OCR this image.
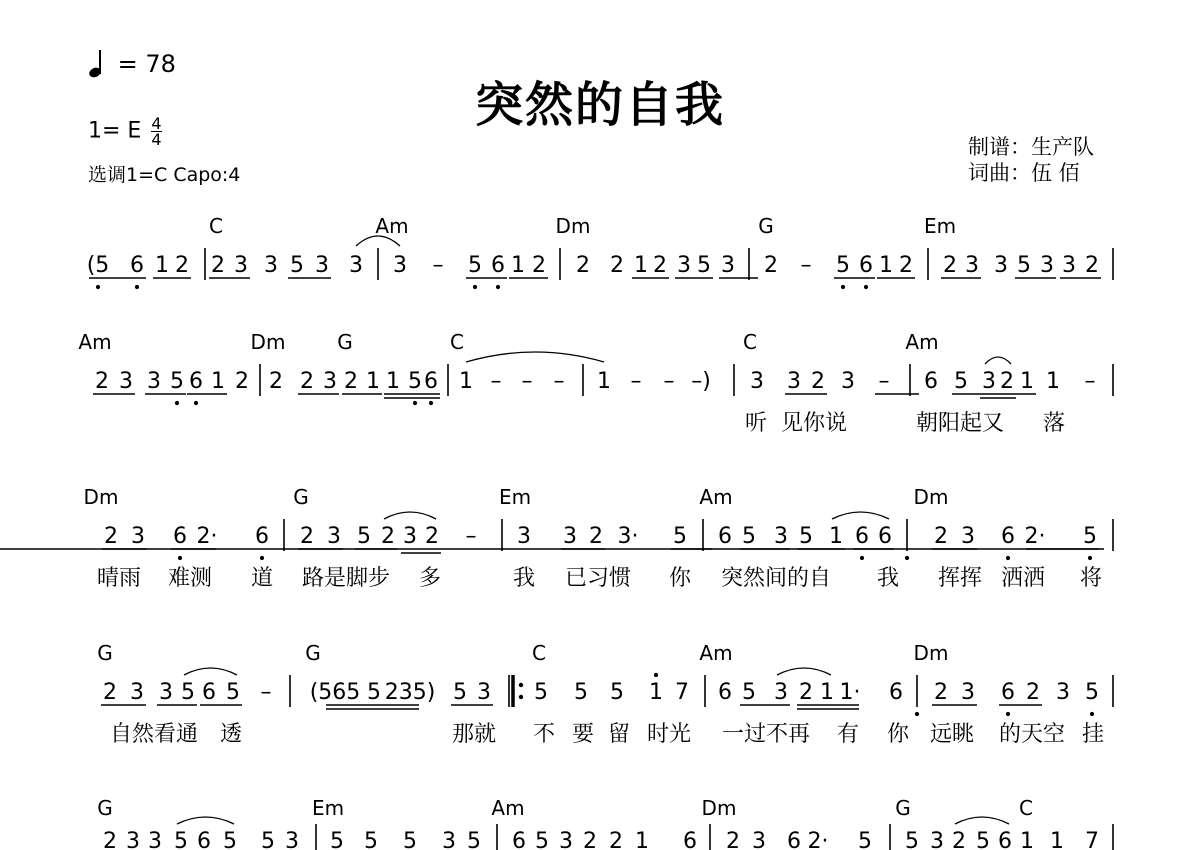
= 78
突然的自我
1= E $\frac{4}{4}$
选调1=C Capo:4
制谱：生产队
词曲：伍 佰
C	Am	Dm	G	Em
(5 6 1 2 2 3 3 5 3 3 3 – 5 6 1 2 2 2 1 2 3 5 3 2 – 5 6 1 2 2 3 3 5 3 3 2
Am	Dm	G	C	C	Am
2 3 3 5 6 1 2 2 2 3 2 1 1 5 6 1 – – – 1 – – –) 3 3 2 3 – 6 5 3 2 1 1 –
听 见你说	朝阳起又 落
Dm	G	Em	Am	Dm
2 3 6 2· 6 2 3 5 2 3 2 – 3 3 2 3· 5 6 5 3 5 1 6 6 2 3 6 2· 5
晴雨 难测 道 路是脚步 多	我 已习惯 你 突然间的自 我 挥挥 洒洒 将
G	G	C	Am	Dm
2 3 3 5 6 5 – (565 5 235) 5 3 5 5 5 1 7 6 5 3 2 1 1· 6 2 3 6 2 3 5
自然看通 透	那就 不 要 留 时光 一过不再 有 你 远眺 的天空 挂
G	Em	Am	Dm	G	C
2 3 3 5 6 5 5 3 5 5 5 3 5 6 5 3 2 2 1 6 2 3 6 2· 5 5 3 2 5 6 1 1 7
